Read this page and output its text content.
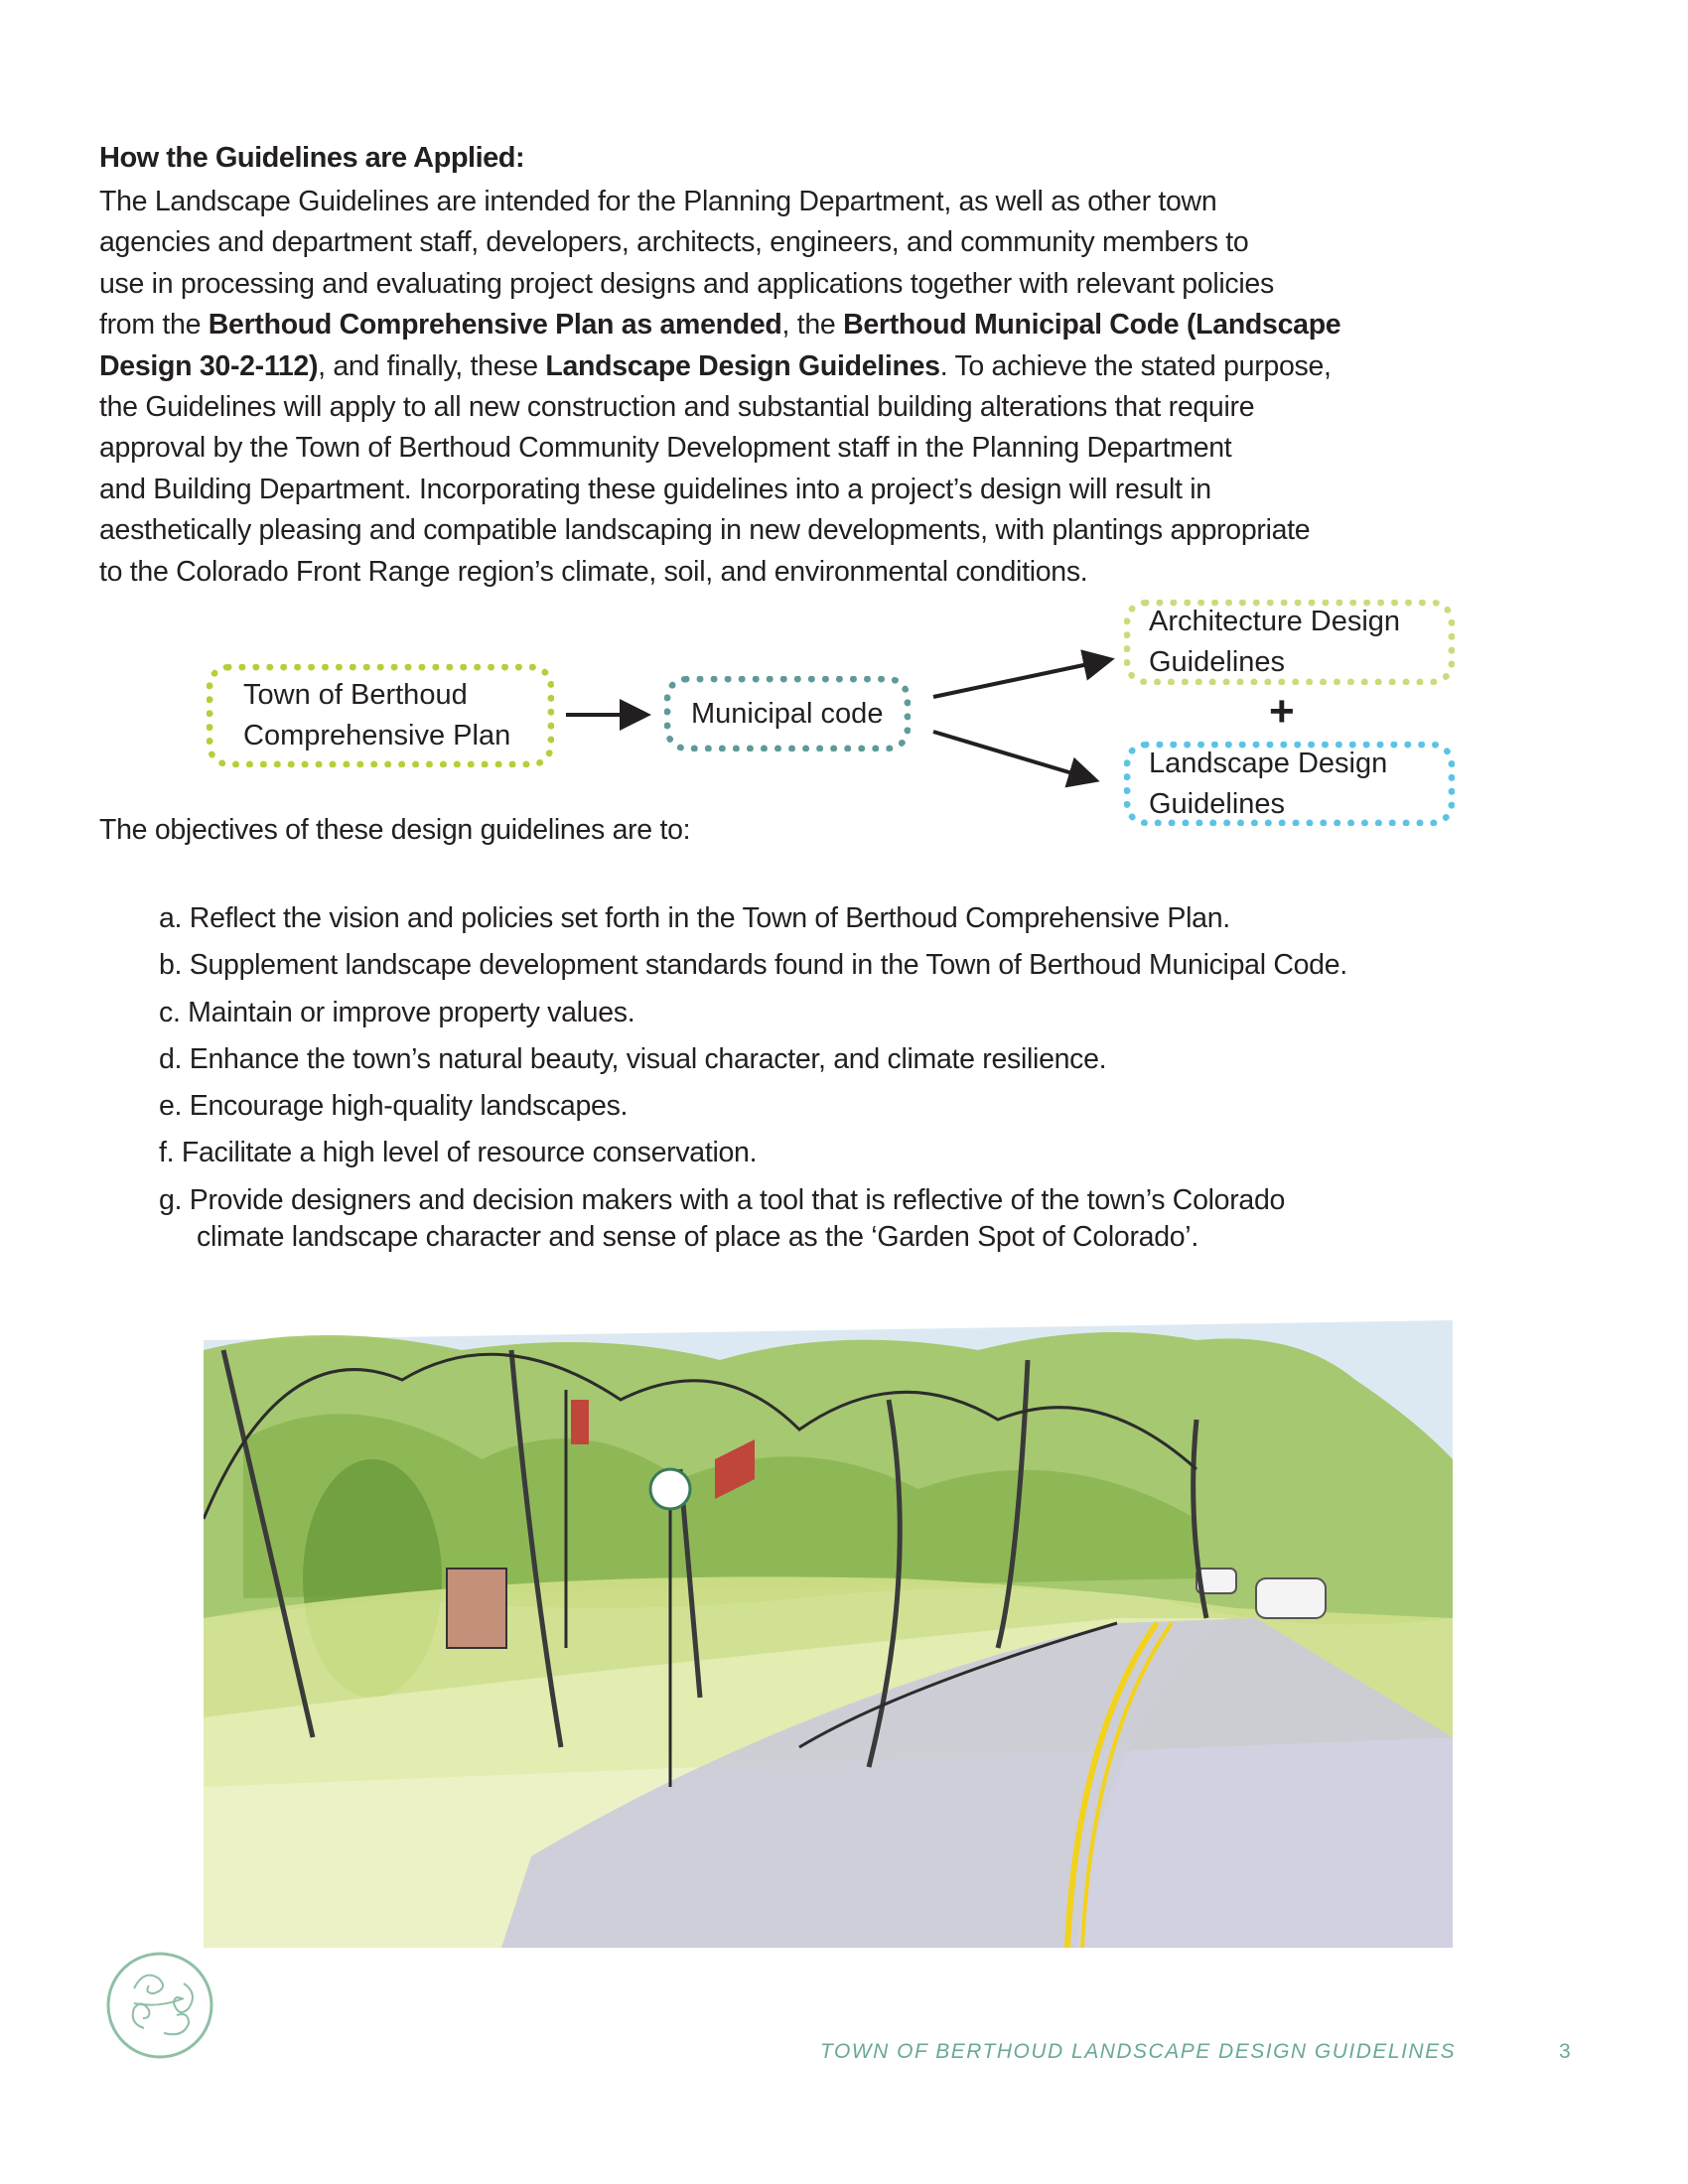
How the Guidelines are Applied:
The Landscape Guidelines are intended for the Planning Department, as well as other town
agencies and department staff, developers, architects, engineers, and community members to
use in processing and evaluating project designs and applications together with relevant policies
from the Berthoud Comprehensive Plan as amended, the Berthoud Municipal Code (Landscape
Design 30-2-112), and finally, these Landscape Design Guidelines. To achieve the stated purpose,
the Guidelines will apply to all new construction and substantial building alterations that require
approval by the Town of Berthoud Community Development staff in the Planning Department
and Building Department. Incorporating these guidelines into a project’s design will result in
aesthetically pleasing and compatible landscaping in new developments, with plantings appropriate
to the Colorado Front Range region’s climate, soil, and environmental conditions.
Town of Berthoud
Comprehensive Plan
Municipal code
Architecture Design
Guidelines
Landscape Design
Guidelines
+
The objectives of these design guidelines are to:
a. Reflect the vision and policies set forth in the Town of Berthoud Comprehensive Plan.
b. Supplement landscape development standards found in the Town of Berthoud Municipal Code.
c. Maintain or improve property values.
d. Enhance the town’s natural beauty, visual character, and climate resilience.
e. Encourage high-quality landscapes.
f. Facilitate a high level of resource conservation.
g. Provide designers and decision makers with a tool that is reflective of the town’s Colorado
climate landscape character and sense of place as the ‘Garden Spot of Colorado’.
TOWN OF BERTHOUD LANDSCAPE DESIGN GUIDELINES	3
